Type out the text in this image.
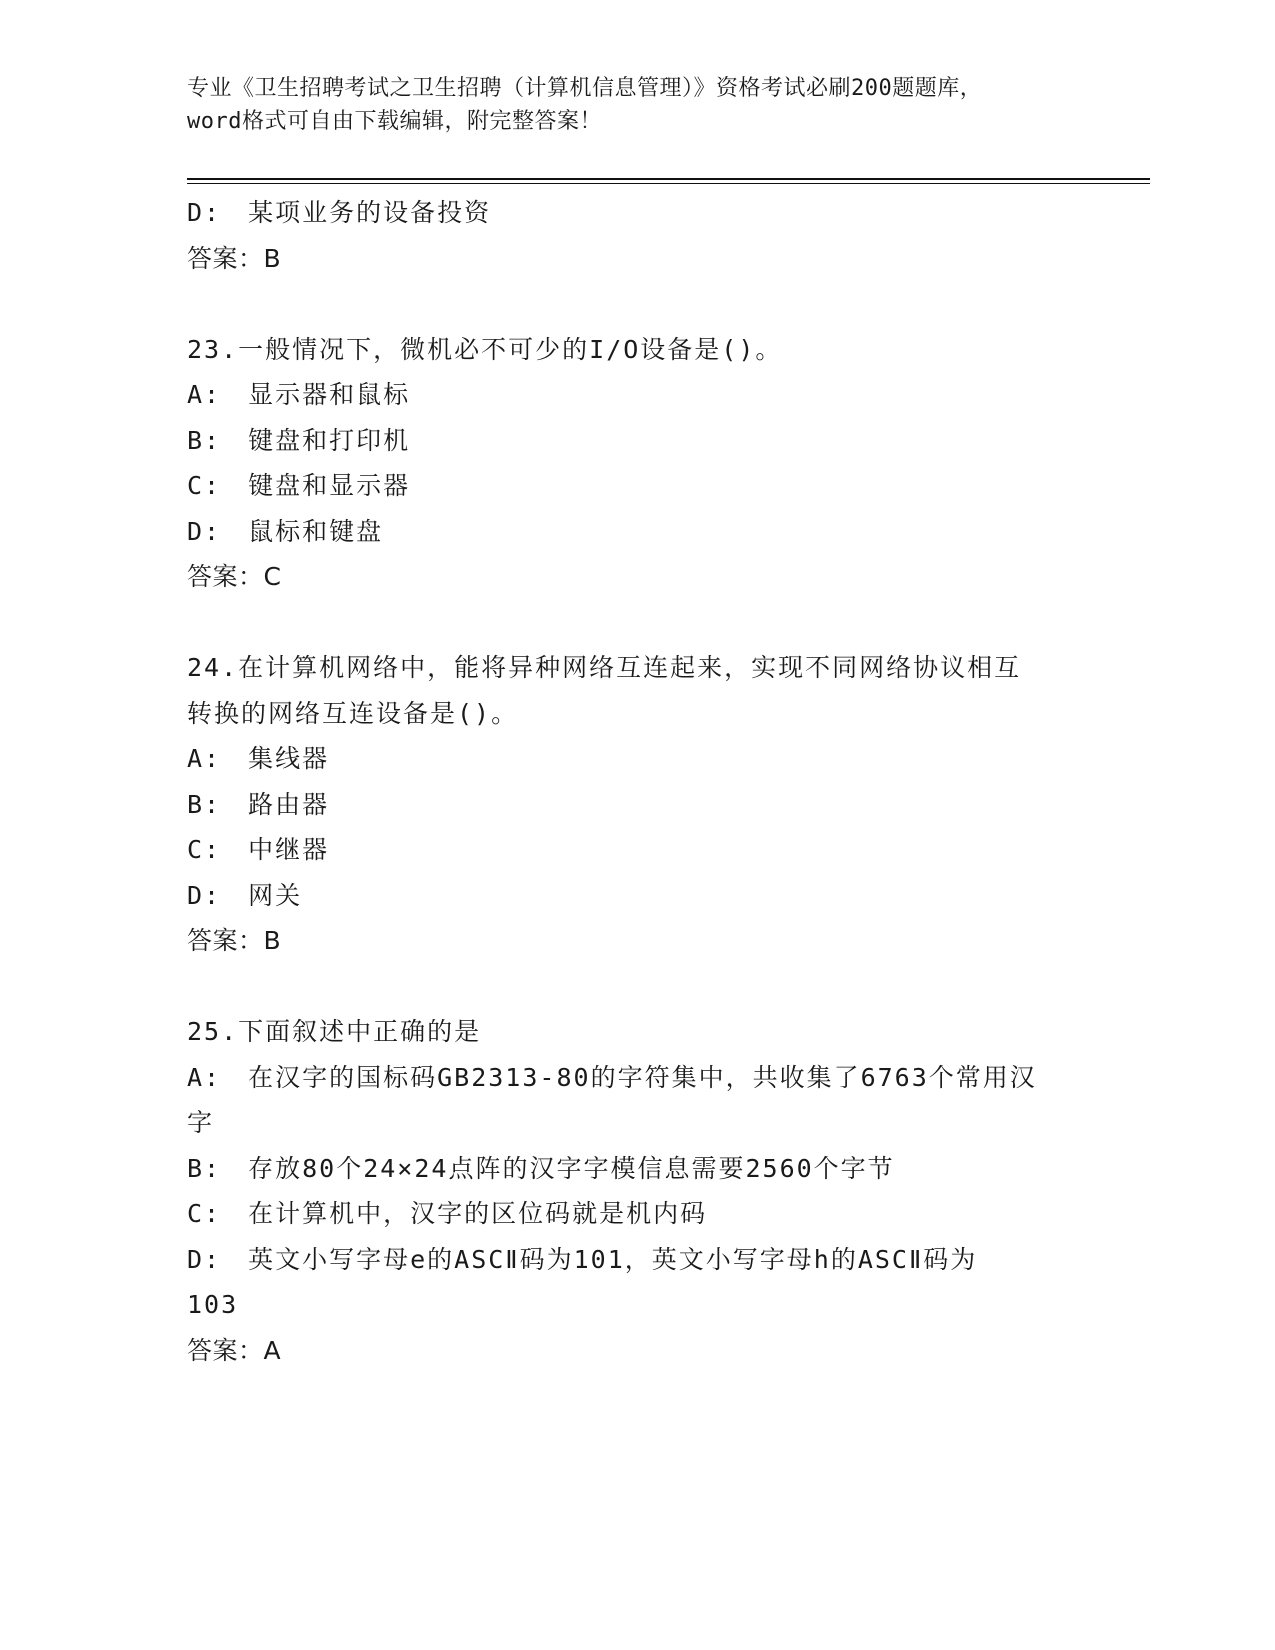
专业《卫生招聘考试之卫生招聘（计算机信息管理）》资格考试必刷200题题库，
word格式可自由下载编辑，附完整答案！
D:　某项业务的设备投资
答案：B
23.一般情况下，微机必不可少的I/O设备是()。
A:　显示器和鼠标
B:　键盘和打印机
C:　键盘和显示器
D:　鼠标和键盘
答案：C
24.在计算机网络中，能将异种网络互连起来，实现不同网络协议相互
转换的网络互连设备是()。
A:　集线器
B:　路由器
C:　中继器
D:　网关
答案：B
25.下面叙述中正确的是
A:　在汉字的国标码GB2313-80的字符集中，共收集了6763个常用汉
字
B:　存放80个24×24点阵的汉字字模信息需要2560个字节
C:　在计算机中，汉字的区位码就是机内码
D:　英文小写字母e的ASCⅡ码为101，英文小写字母h的ASCⅡ码为
103
答案：A
